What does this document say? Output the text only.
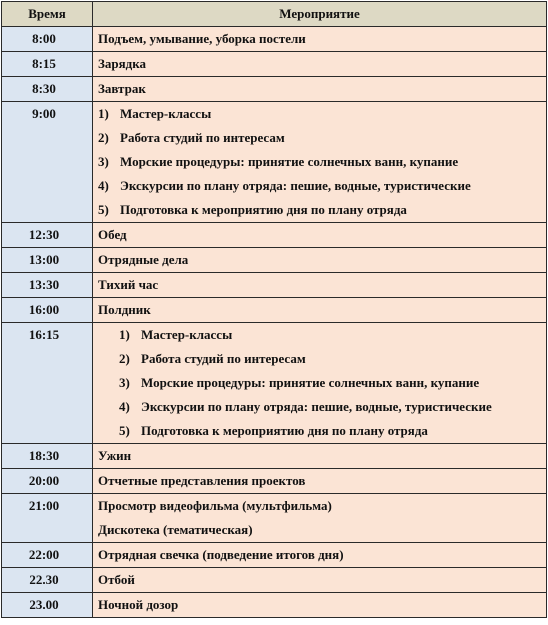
Время	Мероприятие

8:00	Подъем, умывание, уборка постели

8:15	Зарядка

8:30	Завтрак

9:00	1) Мастер-классы
2) Работа студий по интересам
3) Морские процедуры: принятие солнечных ванн, купание
4) Экскурсии по плану отряда: пешие, водные, туристические
5) Подготовка к мероприятию дня по плану отряда

12:30	Обед

13:00	Отрядные дела

13:30	Тихий час

16:00	Полдник

16:15	1) Мастер-классы
2) Работа студий по интересам
3) Морские процедуры: принятие солнечных ванн, купание
4) Экскурсии по плану отряда: пешие, водные, туристические
5) Подготовка к мероприятию дня по плану отряда

18:30	Ужин

20:00	Отчетные представления проектов

21:00	Просмотр видеофильма (мультфильма)
Дискотека (тематическая)

22:00	Отрядная свечка (подведение итогов дня)

22.30	Отбой

23.00	Ночной дозор
